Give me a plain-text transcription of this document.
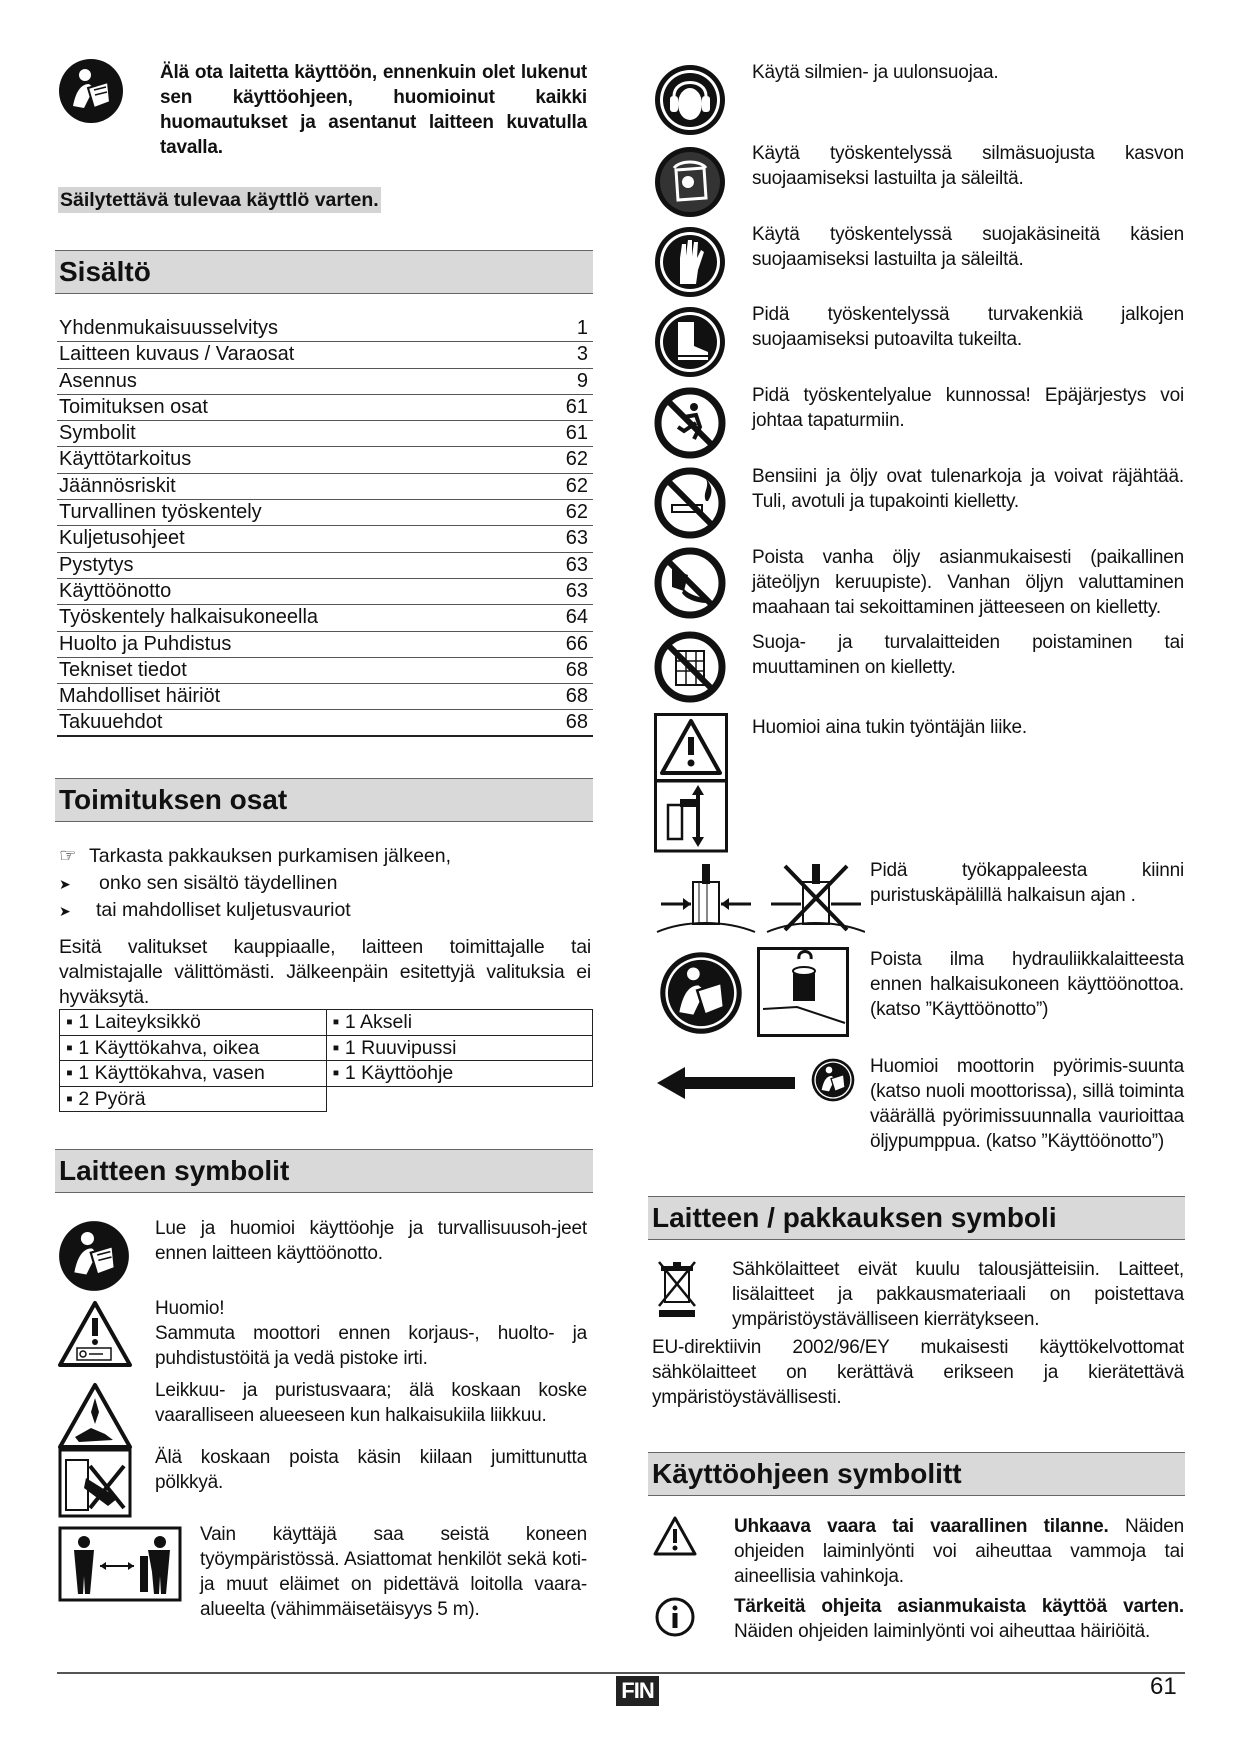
Älä ota laitetta käyttöön, ennenkuin olet lukenut sen käyttöohjeen, huomioinut kaikki huomautukset ja asentanut laitteen kuvatulla tavalla.
Säilytettävä tulevaa käyttlö varten.
Sisältö
Yhdenmukaisuusselvitys	1
Laitteen kuvaus / Varaosat	3
Asennus	9
Toimituksen osat	61
Symbolit	61
Käyttötarkoitus	62
Jäännösriskit	62
Turvallinen työskentely	62
Kuljetusohjeet	63
Pystytys	63
Käyttöönotto	63
Työskentely halkaisukoneella	64
Huolto ja Puhdistus	66
Tekniset tiedot	68
Mahdolliset häiriöt	68
Takuuehdot	68
Toimituksen osat
☞ Tarkasta pakkauksen purkamisen jälkeen,
➤ onko sen sisältö täydellinen
➤ tai mahdolliset kuljetusvauriot
Esitä valitukset kauppiaalle, laitteen toimittajalle tai valmistajalle välittömästi. Jälkeenpäin esitettyjä valituksia ei hyväksytä.
▪ 1 Laiteyksikkö	▪ 1 Akseli
▪ 1 Käyttökahva, oikea	▪ 1 Ruuvipussi
▪ 1 Käyttökahva, vasen	▪ 1 Käyttöohje
▪ 2 Pyörä	
Laitteen symbolit
Lue ja huomioi käyttöohje ja turvallisuusoh-jeet ennen laitteen käyttöönotto.
Huomio!
Sammuta moottori ennen korjaus-, huolto- ja puhdistustöitä ja vedä pistoke irti.
Leikkuu- ja puristusvaara; älä koskaan koske vaaralliseen alueeseen kun halkaisukiila liikkuu.
Älä koskaan poista käsin kiilaan jumittunutta pölkkyä.
Vain käyttäjä saa seistä koneen työympäristössä. Asiattomat henkilöt sekä koti-ja muut eläimet on pidettävä loitolla vaara-alueelta (vähimmäisetäisyys 5 m).
Käytä silmien- ja uulonsuojaa.
Käytä työskentelyssä silmäsuojusta kasvon suojaamiseksi lastuilta ja säleiltä.
Käytä työskentelyssä suojakäsineitä käsien suojaamiseksi lastuilta ja säleiltä.
Pidä työskentelyssä turvakenkiä jalkojen suojaamiseksi putoavilta tukeilta.
Pidä työskentelyalue kunnossa! Epäjärjestys voi johtaa tapaturmiin.
Bensiini ja öljy ovat tulenarkoja ja voivat räjähtää. Tuli, avotuli ja tupakointi kielletty.
Poista vanha öljy asianmukaisesti (paikallinen jäteöljyn keruupiste). Vanhan öljyn valuttaminen maahaan tai sekoittaminen jätteeseen on kielletty.
Suoja- ja turvalaitteiden poistaminen tai muuttaminen on kielletty.
Huomioi aina tukin työntäjän liike.
Pidä työkappaleesta kiinni puristuskäpälillä halkaisun ajan .
Poista ilma hydrauliikkalaitteesta ennen halkaisukoneen käyttöönottoa. (katso ”Käyttöönotto”)
Huomioi moottorin pyörimis-suunta (katso nuoli moottorissa), sillä toiminta väärällä pyörimissuunnalla vaurioittaa öljypumppua. (katso ”Käyttöönotto”)
Laitteen / pakkauksen symboli
Sähkölaitteet eivät kuulu talousjätteisiin. Laitteet, lisälaitteet ja pakkausmateriaali on poistettava ympäristöystävälliseen kierrätykseen.
EU-direktiivin 2002/96/EY mukaisesti käyttökelvottomat sähkölaitteet on kerättävä erikseen ja kierätettävä ympäristöystävällisesti.
Käyttöohjeen symbolitt
Uhkaava vaara tai vaarallinen tilanne. Näiden ohjeiden laiminlyönti voi aiheuttaa vammoja tai aineellisia vahinkoja.
Tärkeitä ohjeita asianmukaista käyttöä varten. Näiden ohjeiden laiminlyönti voi aiheuttaa häiriöitä.
FIN	61
